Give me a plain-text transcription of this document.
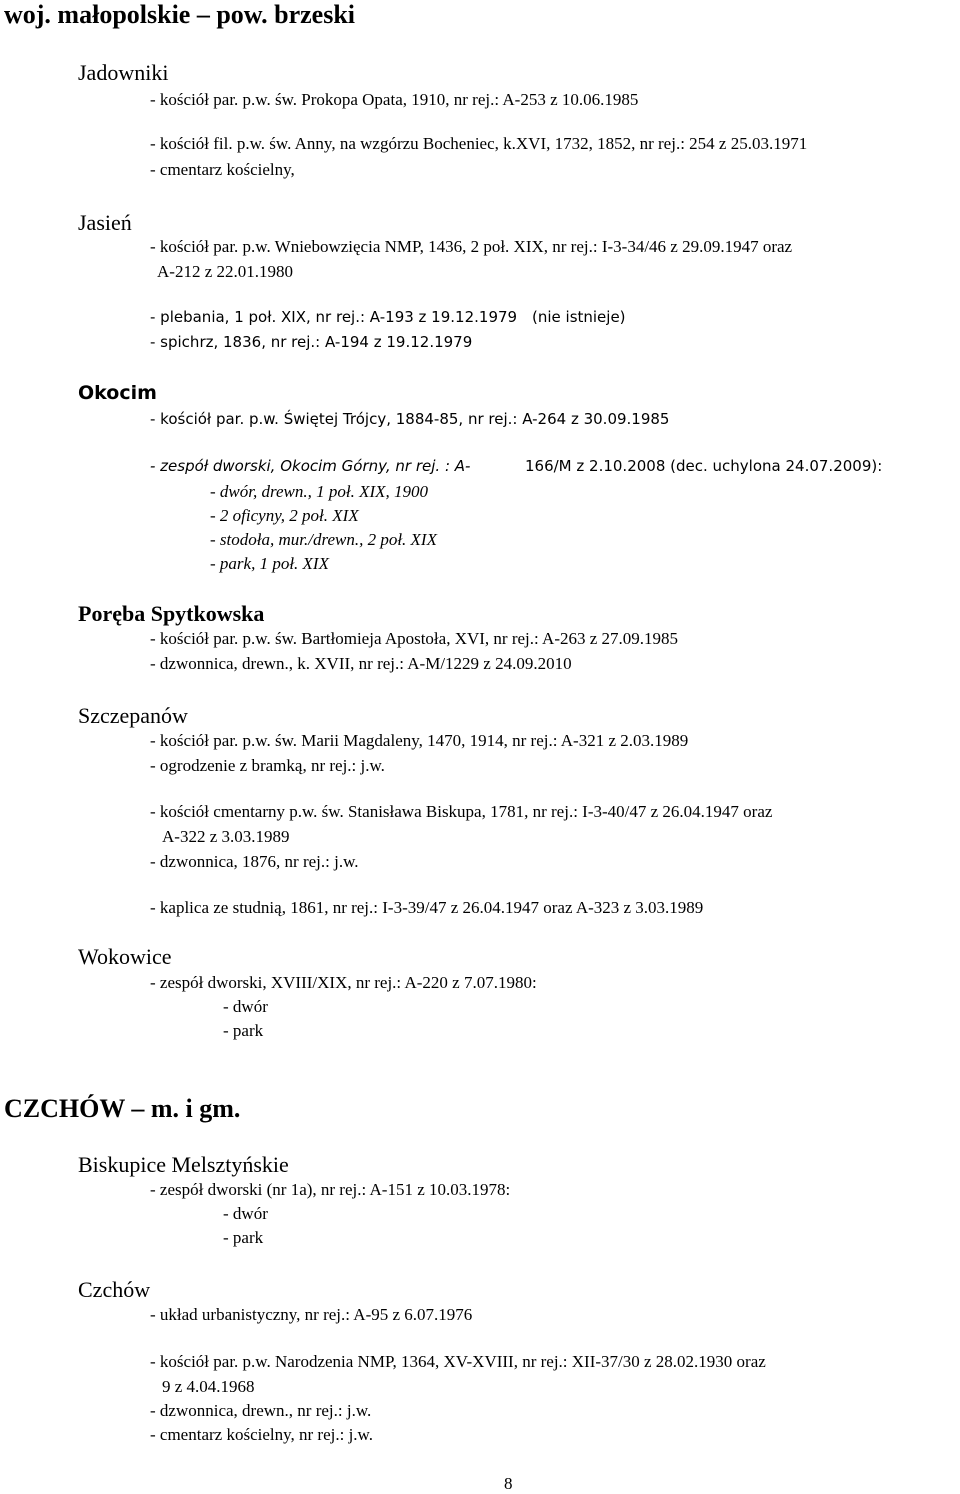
woj. małopolskie – pow. brzeski
Jadowniki
- kościół par. p.w. św. Prokopa Opata, 1910, nr rej.: A-253 z 10.06.1985
- kościół fil. p.w. św. Anny, na wzgórzu Bocheniec, k.XVI, 1732, 1852, nr rej.: 254 z 25.03.1971
- cmentarz kościelny,
Jasień
- kościół par. p.w. Wniebowzięcia NMP, 1436, 2 poł. XIX, nr rej.: I-3-34/46 z 29.09.1947 oraz
A-212 z 22.01.1980
- plebania, 1 poł. XIX, nr rej.: A-193 z 19.12.1979 (nie istnieje)
- spichrz, 1836, nr rej.: A-194 z 19.12.1979
Okocim
- kościół par. p.w. Świętej Trójcy, 1884-85, nr rej.: A-264 z 30.09.1985
- zespół dworski, Okocim Górny, nr rej. : A-	166/M z 2.10.2008 (dec. uchylona 24.07.2009):
- dwór, drewn., 1 poł. XIX, 1900
- 2 oficyny, 2 poł. XIX
- stodoła, mur./drewn., 2 poł. XIX
- park, 1 poł. XIX
Poręba Spytkowska
- kościół par. p.w. św. Bartłomieja Apostoła, XVI, nr rej.: A-263 z 27.09.1985
- dzwonnica, drewn., k. XVII, nr rej.: A-M/1229 z 24.09.2010
Szczepanów
- kościół par. p.w. św. Marii Magdaleny, 1470, 1914, nr rej.: A-321 z 2.03.1989
- ogrodzenie z bramką, nr rej.: j.w.
- kościół cmentarny p.w. św. Stanisława Biskupa, 1781, nr rej.: I-3-40/47 z 26.04.1947 oraz
A-322 z 3.03.1989
- dzwonnica, 1876, nr rej.: j.w.
- kaplica ze studnią, 1861, nr rej.: I-3-39/47 z 26.04.1947 oraz A-323 z 3.03.1989
Wokowice
- zespół dworski, XVIII/XIX, nr rej.: A-220 z 7.07.1980:
- dwór
- park
CZCHÓW – m. i gm.
Biskupice Melsztyńskie
- zespół dworski (nr 1a), nr rej.: A-151 z 10.03.1978:
- dwór
- park
Czchów
- układ urbanistyczny, nr rej.: A-95 z 6.07.1976
- kościół par. p.w. Narodzenia NMP, 1364, XV-XVIII, nr rej.: XII-37/30 z 28.02.1930 oraz
9 z 4.04.1968
- dzwonnica, drewn., nr rej.: j.w.
- cmentarz kościelny, nr rej.: j.w.
8
